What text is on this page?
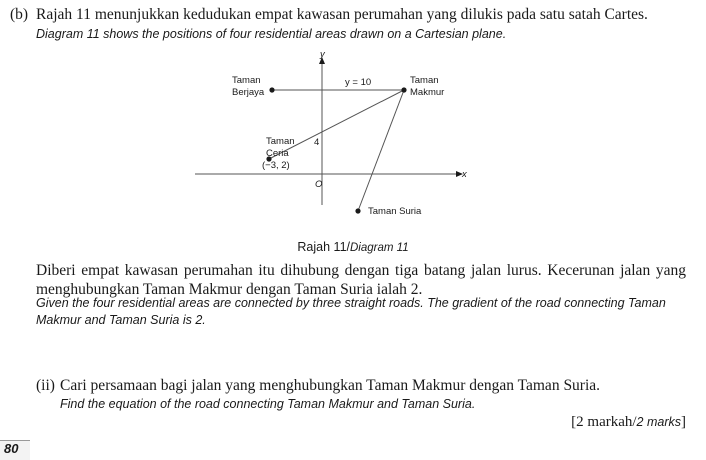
(b) Rajah 11 menunjukkan kedudukan empat kawasan perumahan yang dilukis pada satu satah Cartes.
Diagram 11 shows the positions of four residential areas drawn on a Cartesian plane.
y
x
O
y = 10
4
Taman
Berjaya
Taman
Makmur
Taman
Ceria
(−3, 2)
Taman Suria
Rajah 11/Diagram 11
Diberi empat kawasan perumahan itu dihubung dengan tiga batang jalan lurus. Kecerunan jalan yang menghubungkan Taman Makmur dengan Taman Suria ialah 2.
Given the four residential areas are connected by three straight roads. The gradient of the road connecting Taman Makmur and Taman Suria is 2.
(ii) Cari persamaan bagi jalan yang menghubungkan Taman Makmur dengan Taman Suria.
Find the equation of the road connecting Taman Makmur and Taman Suria.
[2 markah/2 marks]
80
